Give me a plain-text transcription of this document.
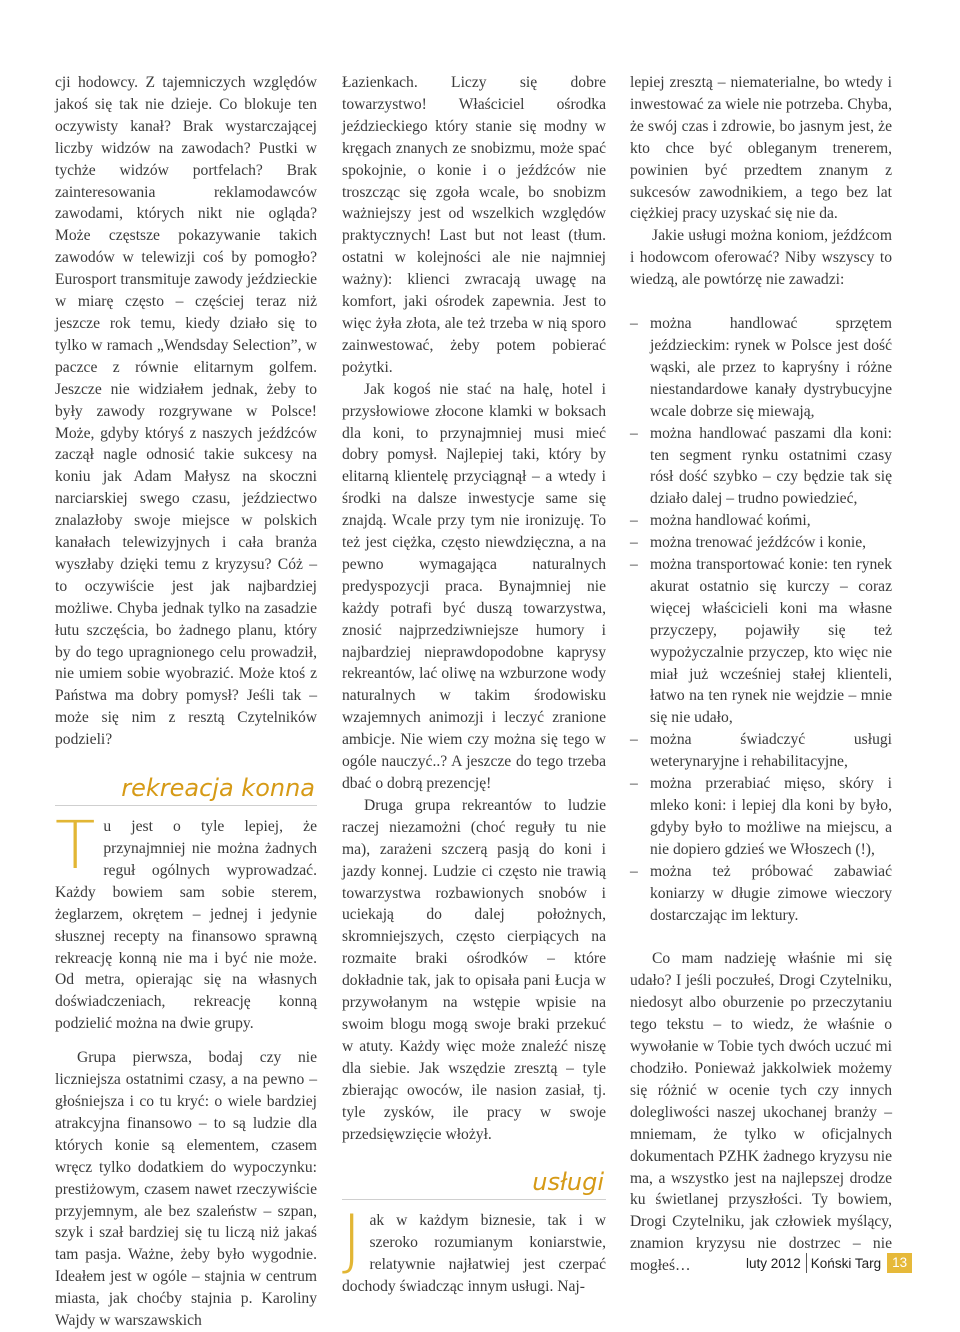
cji hodowcy. Z tajemniczych względów jakoś się tak nie dzieje. Co blokuje ten oczywisty kanał? Brak wystarczającej liczby widzów na zawodach? Pustki w tychże widzów portfelach? Brak zainteresowania reklamodawców zawodami, których nikt nie ogląda? Może częstsze pokazywanie takich zawodów w telewizji coś by pomogło? Eurosport transmituje zawody jeździeckie w miarę często – częściej teraz niż jeszcze rok temu, kiedy działo się to tylko w ramach „Wendsday Selection”, w paczce z równie elitarnym golfem. Jeszcze nie widziałem jednak, żeby to były zawody rozgrywane w Polsce! Może, gdyby któryś z naszych jeźdźców zaczął nagle odnosić takie sukcesy na koniu jak Adam Małysz na skoczni narciarskiej swego czasu, jeździectwo znalazłoby swoje miejsce w polskich kanałach telewizyjnych i cała branża wyszłaby dzięki temu z kryzysu? Cóż – to oczywiście jest jak najbardziej możliwe. Chyba jednak tylko na zasadzie łutu szczęścia, bo żadnego planu, który by do tego upragnionego celu prowadził, nie umiem sobie wyobrazić. Może ktoś z Państwa ma dobry pomysł? Jeśli tak – może się nim z resztą Czytelników podzieli?

rekreacja konna

Tu jest o tyle lepiej, że przynajmniej nie można żadnych reguł ogólnych wyprowadzać. Każdy bowiem sam sobie sterem, żeglarzem, okrętem – jednej i jedynie słusznej recepty na finansowo sprawną rekreację konną nie ma i być nie może. Od metra, opierając się na własnych doświadczeniach, rekreację konną podzielić można na dwie grupy.

Grupa pierwsza, bodaj czy nie liczniejsza ostatnimi czasy, a na pewno – głośniejsza i co tu kryć: o wiele bardziej atrakcyjna finansowo – to są ludzie dla których konie są elementem, czasem wręcz tylko dodatkiem do wypoczynku: prestiżowym, czasem nawet rzeczywiście przyjemnym, ale bez szaleństw – szpan, szyk i szał bardziej się tu liczą niż jakaś tam pasja. Ważne, żeby było wygodnie. Ideałem jest w ogóle – stajnia w centrum miasta, jak choćby stajnia p. Karoliny Wajdy w warszawskich

Łazienkach. Liczy się dobre towarzystwo! Właściciel ośrodka jeździeckiego który stanie się modny w kręgach znanych ze snobizmu, może spać spokojnie, o konie i o jeźdźców nie troszcząc się zgoła wcale, bo snobizm ważniejszy jest od wszelkich względów praktycznych! Last but not least (tłum. ostatni w kolejności ale nie najmniej ważny): klienci zwracają uwagę na komfort, jaki ośrodek zapewnia. Jest to więc żyła złota, ale też trzeba w nią sporo zainwestować, żeby potem pobierać pożytki.

Jak kogoś nie stać na halę, hotel i przysłowiowe złocone klamki w boksach dla koni, to przynajmniej musi mieć dobry pomysł. Najlepiej taki, który by elitarną klientelę przyciągnął – a wtedy i środki na dalsze inwestycje same się znajdą. Wcale przy tym nie ironizuję. To też jest ciężka, często niewdzięczna, a na pewno wymagająca naturalnych predyspozycji praca. Bynajmniej nie każdy potrafi być duszą towarzystwa, znosić najprzedziwniejsze humory i najbardziej nieprawdopodobne kaprysy rekreantów, lać oliwę na wzburzone wody naturalnych w takim środowisku wzajemnych animozji i leczyć zranione ambicje. Nie wiem czy można się tego w ogóle nauczyć..? A jeszcze do tego trzeba dbać o dobrą prezencję!

Druga grupa rekreantów to ludzie raczej niezamożni (choć reguły tu nie ma), zarażeni szczerą pasją do koni i jazdy konnej. Ludzie ci często nie trawią towarzystwa rozbawionych snobów i uciekają do dalej położnych, skromniejszych, często cierpiących na rozmaite braki ośrodków – które dokładnie tak, jak to opisała pani Łucja w przywołanym na wstępie wpisie na swoim blogu mogą swoje braki przekuć w atuty. Każdy więc może znaleźć niszę dla siebie. Jak wszędzie zresztą – tyle zbierając owoców, ile nasion zasiał, tj. tyle zysków, ile pracy w swoje przedsięwzięcie włożył.

usługi

Jak w każdym biznesie, tak i w szeroko rozumianym koniarstwie, relatywnie najłatwiej jest czerpać dochody świadcząc innym usługi. Naj-

lepiej zresztą – niematerialne, bo wtedy i inwestować za wiele nie potrzeba. Chyba, że swój czas i zdrowie, bo jasnym jest, że kto chce być obleganym trenerem, powinien być przedtem znanym z sukcesów zawodnikiem, a tego bez lat ciężkiej pracy uzyskać się nie da.

Jakie usługi można koniom, jeźdźcom i hodowcom oferować? Niby wszyscy to wiedzą, ale powtórzę nie zawadzi:

– można handlować sprzętem jeździeckim: rynek w Polsce jest dość wąski, ale przez to kapryśny i różne niestandardowe kanały dystrybucyjne wcale dobrze się miewają,
– można handlować paszami dla koni: ten segment rynku ostatnimi czasy rósł dość szybko – czy będzie tak się działo dalej – trudno powiedzieć,
– można handlować końmi,
– można trenować jeźdźców i konie,
– można transportować konie: ten rynek akurat ostatnio się kurczy – coraz więcej właścicieli koni ma własne przyczepy, pojawiły się też wypożyczalnie przyczep, kto więc nie miał już wcześniej stałej klienteli, łatwo na ten rynek nie wejdzie – mnie się nie udało,
– można świadczyć usługi weterynaryjne i rehabilitacyjne,
– można przerabiać mięso, skóry i mleko koni: i lepiej dla koni by było, gdyby było to możliwe na miejscu, a nie dopiero gdzieś we Włoszech (!),
– można też próbować zabawiać koniarzy w długie zimowe wieczory dostarczając im lektury.

Co mam nadzieję właśnie mi się udało? I jeśli poczułeś, Drogi Czytelniku, niedosyt albo oburzenie po przeczytaniu tego tekstu – to wiedz, że właśnie o wywołanie w Tobie tych dwóch uczuć mi chodziło. Ponieważ jakkolwiek możemy się różnić w ocenie tych czy innych dolegliwości naszej ukochanej branży – mniemam, że tylko w oficjalnych dokumentach PZHK żadnego kryzysu nie ma, a wszystko jest na najlepszej drodze ku świetlanej przyszłości. Ty bowiem, Drogi Czytelniku, jak człowiek myślący, znamion kryzysu nie dostrzec – nie mogłeś…	luty 2012 Koński Targ 13
